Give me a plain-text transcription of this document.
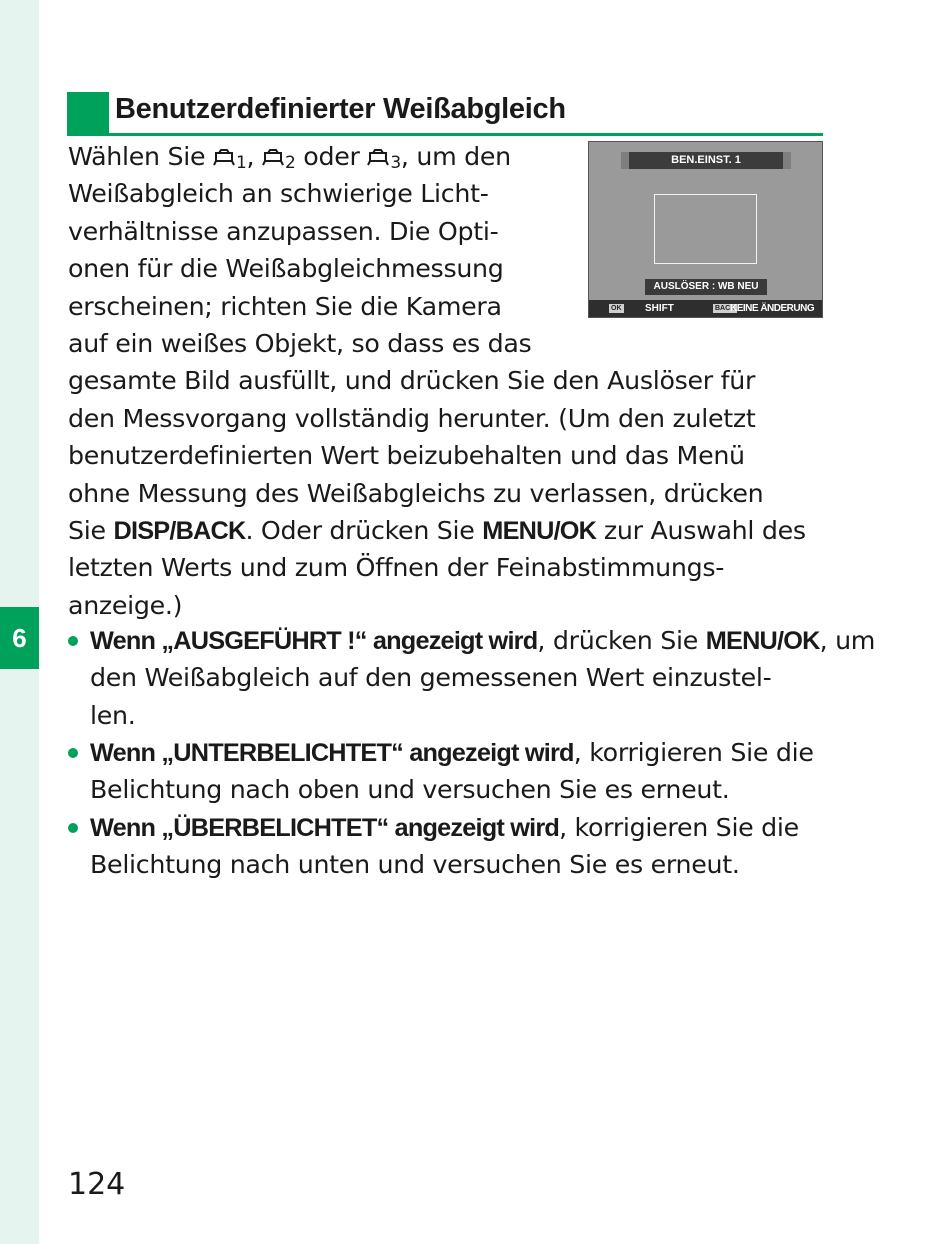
6
Benutzerdefinierter Weißabgleich
BEN.EINST. 1
AUSLÖSER : WB NEU
OK SHIFT	BACK
KEINE ÄNDERUNG
Wählen Sie
1,
2 oder
3, um den
Weißabgleich an schwierige Licht-
verhältnisse anzupassen. Die Opti-
onen für die Weißabgleichmessung
erscheinen; richten Sie die Kamera
auf ein weißes Objekt, so dass es das
gesamte Bild ausfüllt, und drücken Sie den Auslöser für
den Messvorgang vollständig herunter. (Um den zuletzt
benutzerdefinierten Wert beizubehalten und das Menü
ohne Messung des Weißabgleichs zu verlassen, drücken
Sie DISP/BACK. Oder drücken Sie MENU/OK zur Auswahl des
letzten Werts und zum Öffnen der Feinabstimmungs-
anzeige.)
Wenn „AUSGEFÜHRT !“ angezeigt wird, drücken Sie MENU/OK, um
den Weißabgleich auf den gemessenen Wert einzustel-
len.
Wenn „UNTERBELICHTET“ angezeigt wird, korrigieren Sie die
Belichtung nach oben und versuchen Sie es erneut.
Wenn „ÜBERBELICHTET“ angezeigt wird, korrigieren Sie die
Belichtung nach unten und versuchen Sie es erneut.
124
